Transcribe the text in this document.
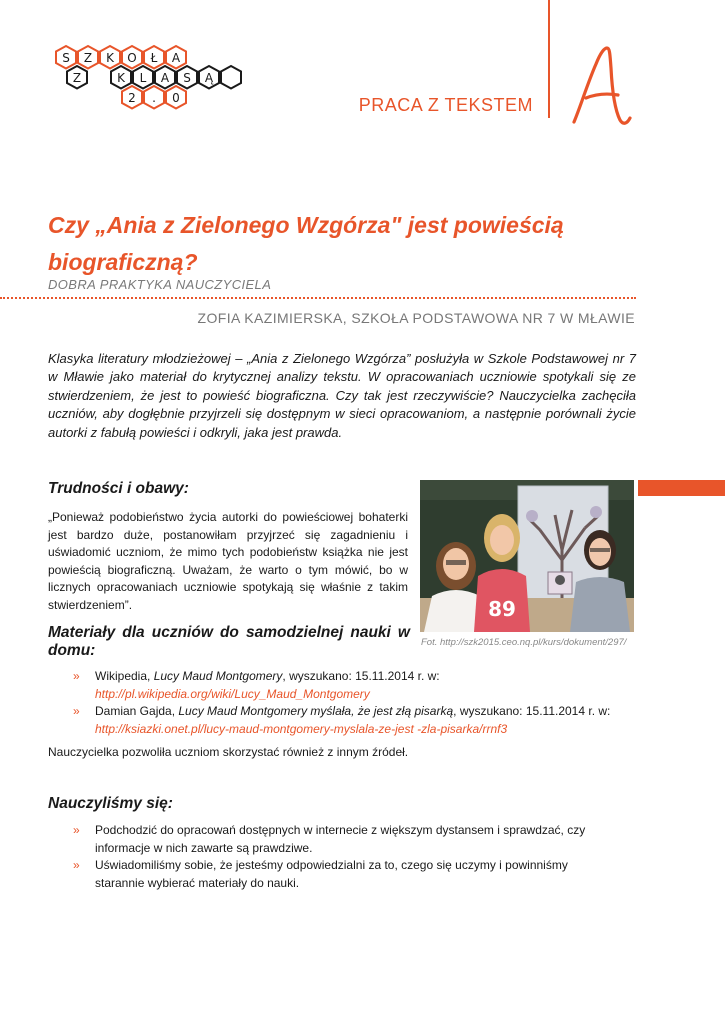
S Z K O Ł A
Z	K L A S Ą
2 . 0	PRACA Z TEKSTEM
Czy „Ania z Zielonego Wzgórza" jest powieścią biograficzną?
DOBRA PRAKTYKA NAUCZYCIELA
ZOFIA KAZIMIERSKA, SZKOŁA PODSTAWOWA NR 7 W MŁAWIE

Klasyka literatury młodzieżowej – „Ania z Zielonego Wzgórza” posłużyła w Szkole Podstawowej nr 7 w Mławie jako materiał do krytycznej analizy tekstu. W opracowaniach uczniowie spotykali się ze stwierdzeniem, że jest to powieść biograficzna. Czy tak jest rzeczywiście? Nauczycielka zachęciła uczniów, aby dogłębnie przyjrzeli się dostępnym w sieci opracowaniom, a następnie porównali życie autorki z fabułą powieści i odkryli, jaka jest prawda.

Trudności i obawy:

„Ponieważ podobieństwo życia autorki do powieściowej bohaterki jest bardzo duże, postanowiłam przyjrzeć się zagadnieniu i uświadomić uczniom, że mimo tych podobieństw książka nie jest powieścią biograficzną. Uważam, że warto o tym mówić, bo w licznych opracowaniach uczniowie spotykają się właśnie z takim stwierdzeniem”.	89
Fot. http://szk2015.ceo.nq.pl/kurs/dokument/297/
Materiały dla uczniów do samodzielnej nauki w domu:
» Wikipedia, Lucy Maud Montgomery, wyszukano: 15.11.2014 r. w:
http://pl.wikipedia.org/wiki/Lucy_Maud_Montgomery
» Damian Gajda, Lucy Maud Montgomery myślała, że jest złą pisarką, wyszukano: 15.11.2014 r. w:
http://ksiazki.onet.pl/lucy-maud-montgomery-myslala-ze-jest -zla-pisarka/rrnf3

Nauczycielka pozwoliła uczniom skorzystać również z innym źródeł.

Nauczyliśmy się:
» Podchodzić do opracowań dostępnych w internecie z większym dystansem i sprawdzać, czy informacje w nich zawarte są prawdziwe.
» Uświadomiliśmy sobie, że jesteśmy odpowiedzialni za to, czego się uczymy i powinniśmy starannie wybierać materiały do nauki.
